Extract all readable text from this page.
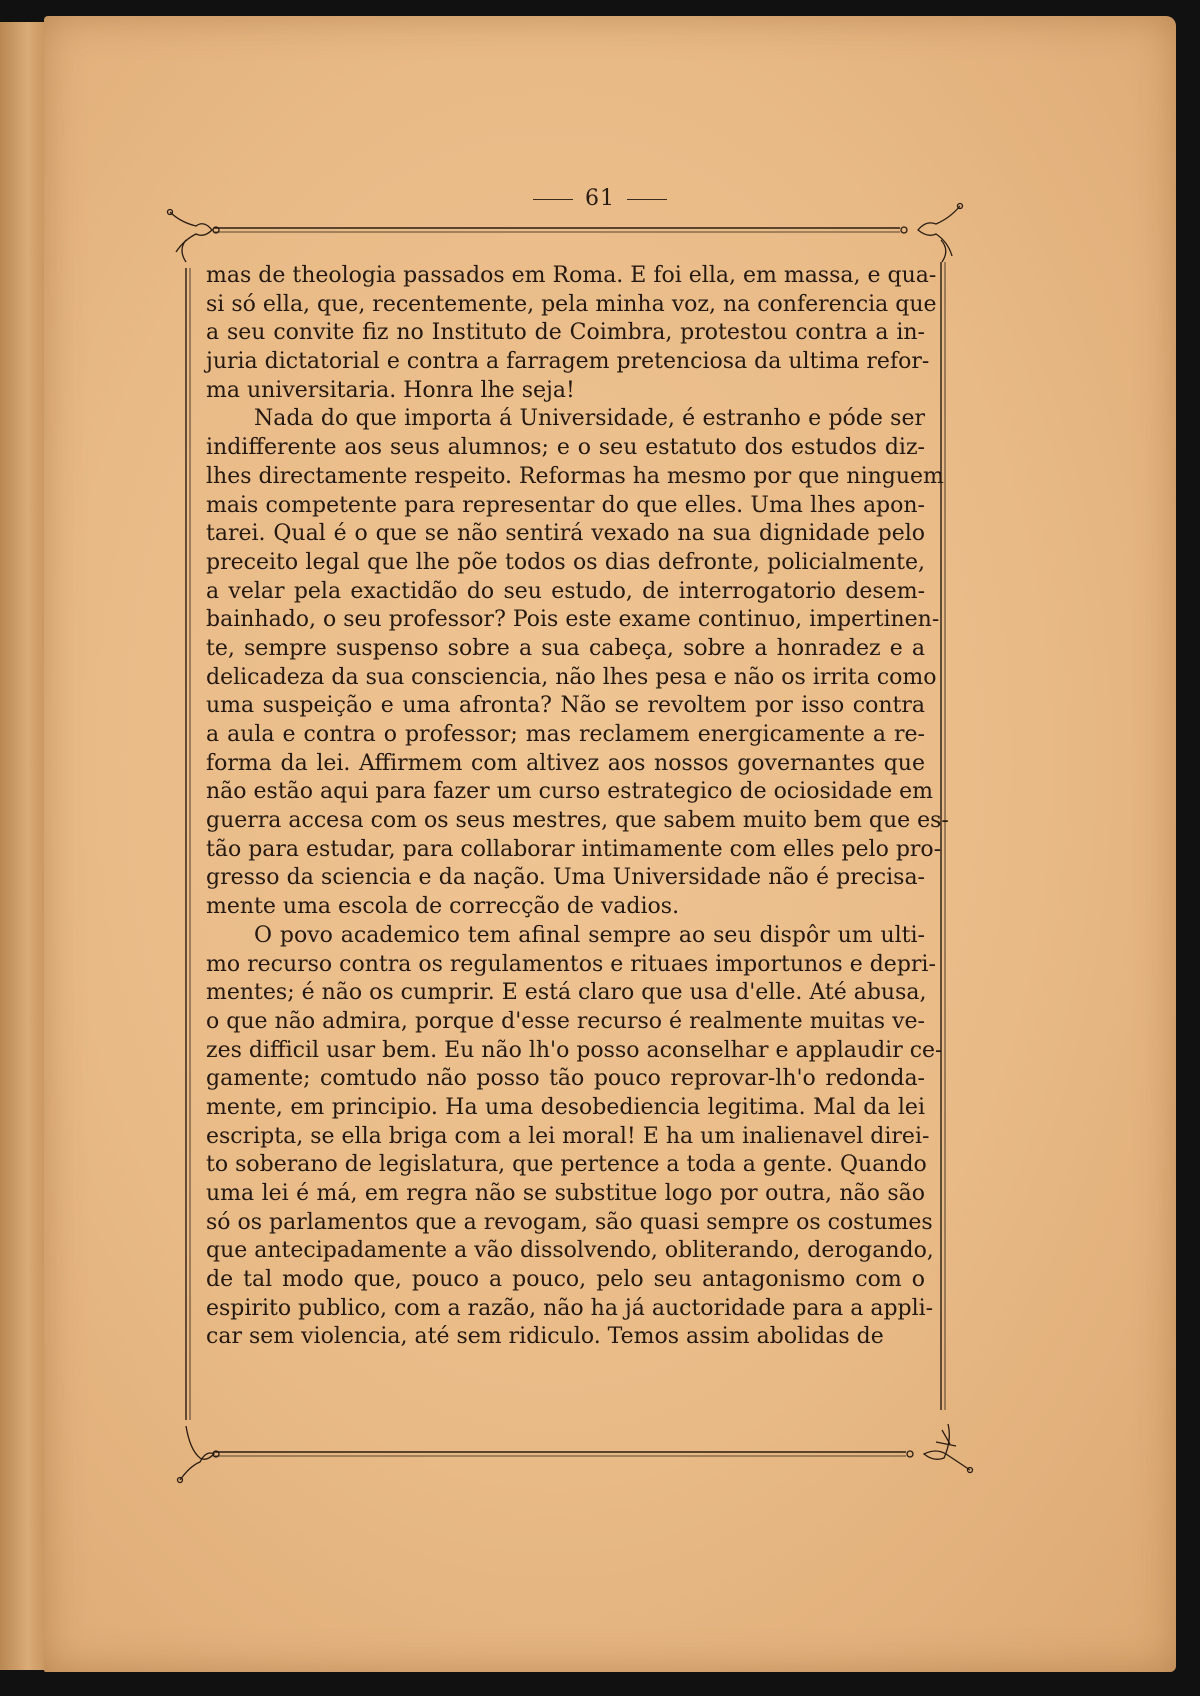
61
mas de theologia passados em Roma. E foi ella, em massa, e qua-
si só ella, que, recentemente, pela minha voz, na conferencia que
a seu convite fiz no Instituto de Coimbra, protestou contra a in-
juria dictatorial e contra a farragem pretenciosa da ultima refor-
ma universitaria. Honra lhe seja!
Nada do que importa á Universidade, é estranho e póde ser
indifferente aos seus alumnos; e o seu estatuto dos estudos diz-
lhes directamente respeito. Reformas ha mesmo por que ninguem
mais competente para representar do que elles. Uma lhes apon-
tarei. Qual é o que se não sentirá vexado na sua dignidade pelo
preceito legal que lhe põe todos os dias defronte, policialmente,
a velar pela exactidão do seu estudo, de interrogatorio desem-
bainhado, o seu professor? Pois este exame continuo, impertinen-
te, sempre suspenso sobre a sua cabeça, sobre a honradez e a
delicadeza da sua consciencia, não lhes pesa e não os irrita como
uma suspeição e uma afronta? Não se revoltem por isso contra
a aula e contra o professor; mas reclamem energicamente a re-
forma da lei. Affirmem com altivez aos nossos governantes que
não estão aqui para fazer um curso estrategico de ociosidade em
guerra accesa com os seus mestres, que sabem muito bem que es-
tão para estudar, para collaborar intimamente com elles pelo pro-
gresso da sciencia e da nação. Uma Universidade não é precisa-
mente uma escola de correcção de vadios.
O povo academico tem afinal sempre ao seu dispôr um ulti-
mo recurso contra os regulamentos e rituaes importunos e depri-
mentes; é não os cumprir. E está claro que usa d'elle. Até abusa,
o que não admira, porque d'esse recurso é realmente muitas ve-
zes difficil usar bem. Eu não lh'o posso aconselhar e applaudir ce-
gamente; comtudo não posso tão pouco reprovar-lh'o redonda-
mente, em principio. Ha uma desobediencia legitima. Mal da lei
escripta, se ella briga com a lei moral! E ha um inalienavel direi-
to soberano de legislatura, que pertence a toda a gente. Quando
uma lei é má, em regra não se substitue logo por outra, não são
só os parlamentos que a revogam, são quasi sempre os costumes
que antecipadamente a vão dissolvendo, obliterando, derogando,
de tal modo que, pouco a pouco, pelo seu antagonismo com o
espirito publico, com a razão, não ha já auctoridade para a appli-
car sem violencia, até sem ridiculo. Temos assim abolidas de
